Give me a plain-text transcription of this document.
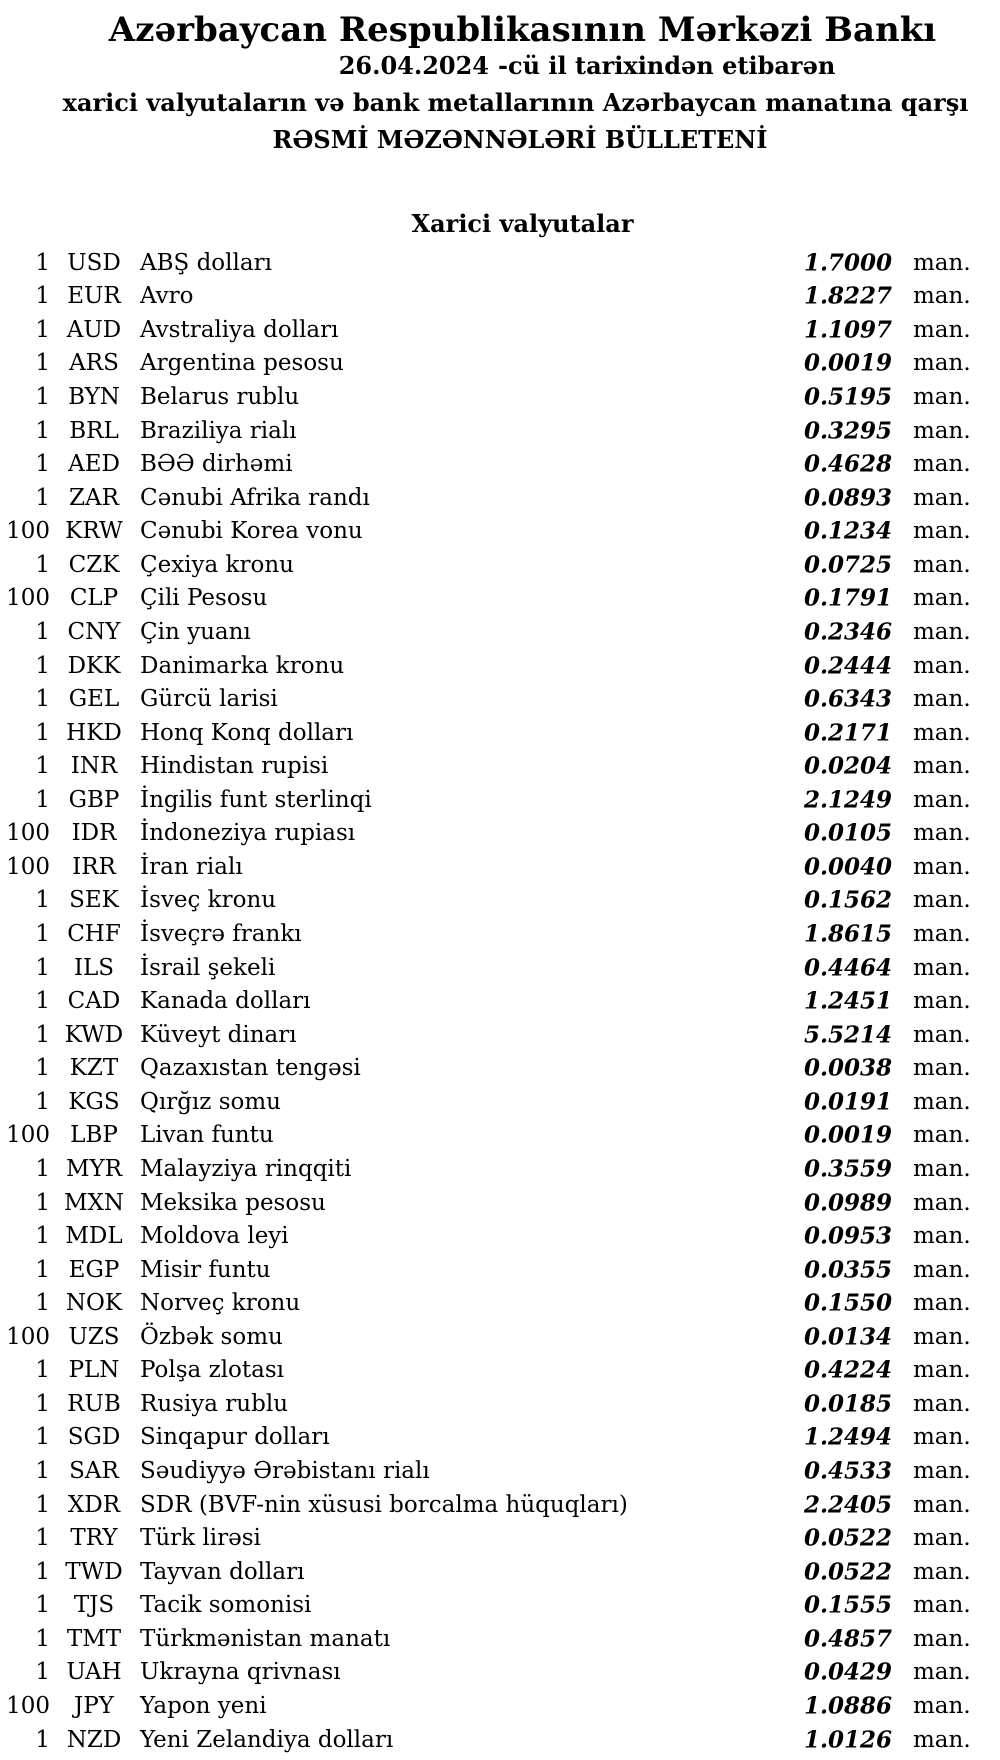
Azərbaycan Respublikasının Mərkəzi Bankı
26.04.2024 -cü il tarixindən etibarən
xarici valyutaların və bank metallarının Azərbaycan manatına qarşı
RƏSMİ MƏZƏNNƏLƏRİ BÜLLETENİ
Xarici valyutalar
1 USD ABŞ dolları	1.7000 man.
1 EUR Avro	1.8227 man.
1 AUD Avstraliya dolları	1.1097 man.
1 ARS Argentina pesosu	0.0019 man.
1 BYN Belarus rublu	0.5195 man.
1 BRL Braziliya rialı	0.3295 man.
1 AED BƏƏ dirhəmi	0.4628 man.
1 ZAR Cənubi Afrika randı	0.0893 man.
100 KRW Cənubi Korea vonu	0.1234 man.
1 CZK Çexiya kronu	0.0725 man.
100 CLP Çili Pesosu	0.1791 man.
1 CNY Çin yuanı	0.2346 man.
1 DKK Danimarka kronu	0.2444 man.
1 GEL Gürcü larisi	0.6343 man.
1 HKD Honq Konq dolları	0.2171 man.
1 INR Hindistan rupisi	0.0204 man.
1 GBP İngilis funt sterlinqi	2.1249 man.
100 IDR	İndoneziya rupiası	0.0105 man.
100 IRR	İran rialı	0.0040 man.
1 SEK İsveç kronu	0.1562 man.
1 CHF İsveçrə frankı	1.8615 man.
1	ILS	İsrail şekeli	0.4464 man.
1 CAD Kanada dolları	1.2451 man.
1 KWD Küveyt dinarı	5.5214 man.
1 KZT Qazaxıstan tengəsi	0.0038 man.
1 KGS Qırğız somu	0.0191 man.
100 LBP Livan funtu	0.0019 man.
1 MYR Malayziya rinqqiti	0.3559 man.
1 MXN Meksika pesosu	0.0989 man.
1 MDL Moldova leyi	0.0953 man.
1 EGP Misir funtu	0.0355 man.
1 NOK Norveç kronu	0.1550 man.
100 UZS Özbək somu	0.0134 man.
1 PLN Polşa zlotası	0.4224 man.
1 RUB Rusiya rublu	0.0185 man.
1 SGD Sinqapur dolları	1.2494 man.
1 SAR Səudiyyə Ərəbistanı rialı	0.4533 man.
1 XDR SDR (BVF-nin xüsusi borcalma hüquqları)	2.2405 man.
1 TRY Türk lirəsi	0.0522 man.
1 TWD Tayvan dolları	0.0522 man.
1	TJS	Tacik somonisi	0.1555 man.
1 TMT Türkmənistan manatı	0.4857 man.
1 UAH Ukrayna qrivnası	0.0429 man.
100	JPY	Yapon yeni	1.0886 man.
1 NZD Yeni Zelandiya dolları	1.0126 man.
